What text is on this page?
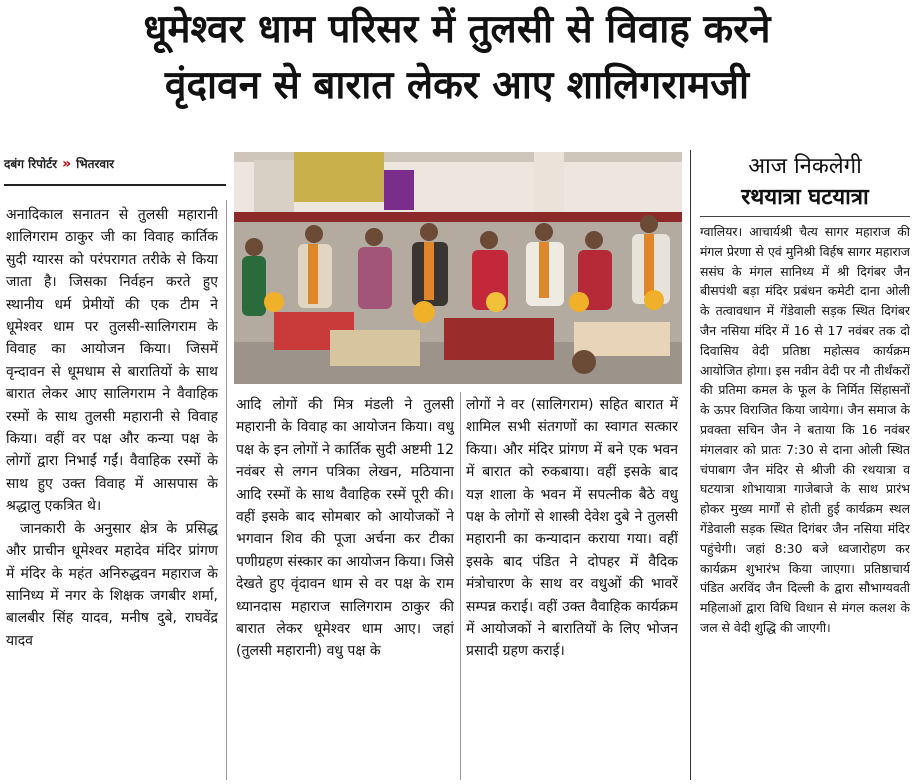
धूमेश्वर धाम परिसर में तुलसी से विवाह करने
वृंदावन से बारात लेकर आए शालिगरामजी
दबंग रिपोर्टर » भितरवार

अनादिकाल सनातन से तुलसी महारानी शालिगराम ठाकुर जी का विवाह कार्तिक सुदी ग्यारस को परंपरागत तरीके से किया जाता है। जिसका निर्वहन करते हुए स्थानीय धर्म प्रेमीयों की एक टीम ने धूमेश्वर धाम पर तुलसी-सालिगराम के विवाह का आयोजन किया। जिसमें वृन्दावन से धूमधाम से बारातियों के साथ बारात लेकर आए सालिगराम ने वैवाहिक रस्मों के साथ तुलसी महारानी से विवाह किया। वहीं वर पक्ष और कन्या पक्ष के लोगों द्वारा निभाईं गईं। वैवाहिक रस्मों के साथ हुए उक्त विवाह में आसपास के श्रद्धालु एकत्रित थे।

जानकारी के अनुसार क्षेत्र के प्रसिद्ध और प्राचीन धूमेश्वर महादेव मंदिर प्रांगण में मंदिर के महंत अनिरुद्धवन महाराज के सानिध्य में नगर के शिक्षक जगबीर शर्मा, बालबीर सिंह यादव, मनीष दुबे, राघवेंद्र यादव

आदि लोगों की मित्र मंडली ने तुलसी महारानी के विवाह का आयोजन किया। वधु पक्ष के इन लोगों ने कार्तिक सुदी अष्टमी 12 नवंबर से लगन पत्रिका लेखन, मठियाना आदि रस्मों के साथ वैवाहिक रस्में पूरी की। वहीं इसके बाद सोमबार को आयोजकों ने भगवान शिव की पूजा अर्चना कर टीका पणीग्रहण संस्कार का आयोजन किया। जिसे देखते हुए वृंदावन धाम से वर पक्ष के राम ध्यानदास महाराज सालिगराम ठाकुर की बारात लेकर धूमेश्वर धाम आए। जहां (तुलसी महारानी) वधु पक्ष के

लोगों ने वर (सालिगराम) सहित बारात में शामिल सभी संतगणों का स्वागत सत्कार किया। और मंदिर प्रांगण में बने एक भवन में बारात को रुकबाया। वहीं इसके बाद यज्ञ शाला के भवन में सपत्नीक बैठे वधु पक्ष के लोगों से शास्त्री देवेश दुबे ने तुलसी महारानी का कन्यादान कराया गया। वहीं इसके बाद पंडित ने दोपहर में वैदिक मंत्रोचारण के साथ वर वधुओं की भावरें सम्पन्न कराई। वहीं उक्त वैवाहिक कार्यक्रम में आयोजकों ने बारातियों के लिए भोजन प्रसादी ग्रहण कराई।

आज निकलेगी
रथयात्रा घटयात्रा

ग्वालियर। आचार्यश्री चैत्य सागर महाराज की मंगल प्रेरणा से एवं मुनिश्री विर्हष सागर महाराज ससंघ के मंगल सानिध्य में श्री दिगंबर जैन बीसपंथी बड़ा मंदिर प्रबंधन कमेटी दाना ओली के तत्वावधान में गेंडेवाली सड़क स्थित दिगंबर जैन नसिया मंदिर में 16 से 17 नवंबर तक दो दिवासिय वेदी प्रतिष्ठा महोत्सव कार्यक्रम आयोजित होगा। इस नवीन वेदी पर नौ तीर्थंकरों की प्रतिमा कमल के फूल के निर्मित सिंहासनों के ऊपर विराजित किया जायेगा। जैन समाज के प्रवक्ता सचिन जैन ने बताया कि 16 नवंबर मंगलवार को प्रातः 7:30 से दाना ओली स्थित चंपाबाग जैन मंदिर से श्रीजी की रथयात्रा व घटयात्रा शोभायात्रा गाजेबाजे के साथ प्रारंभ होकर मुख्य मार्गों से होती हुई कार्यक्रम स्थल गेंडेवाली सड़क स्थित दिगंबर जैन नसिया मंदिर पहुंचेगी। जहां 8:30 बजे ध्वजारोहण कर कार्यक्रम शुभारंभ किया जाएगा। प्रतिष्ठाचार्य पंडित अरविंद जैन दिल्ली के द्वारा सौभाग्यवती महिलाओं द्वारा विधि विधान से मंगल कलश के जल से वेदी शुद्धि की जाएगी।
